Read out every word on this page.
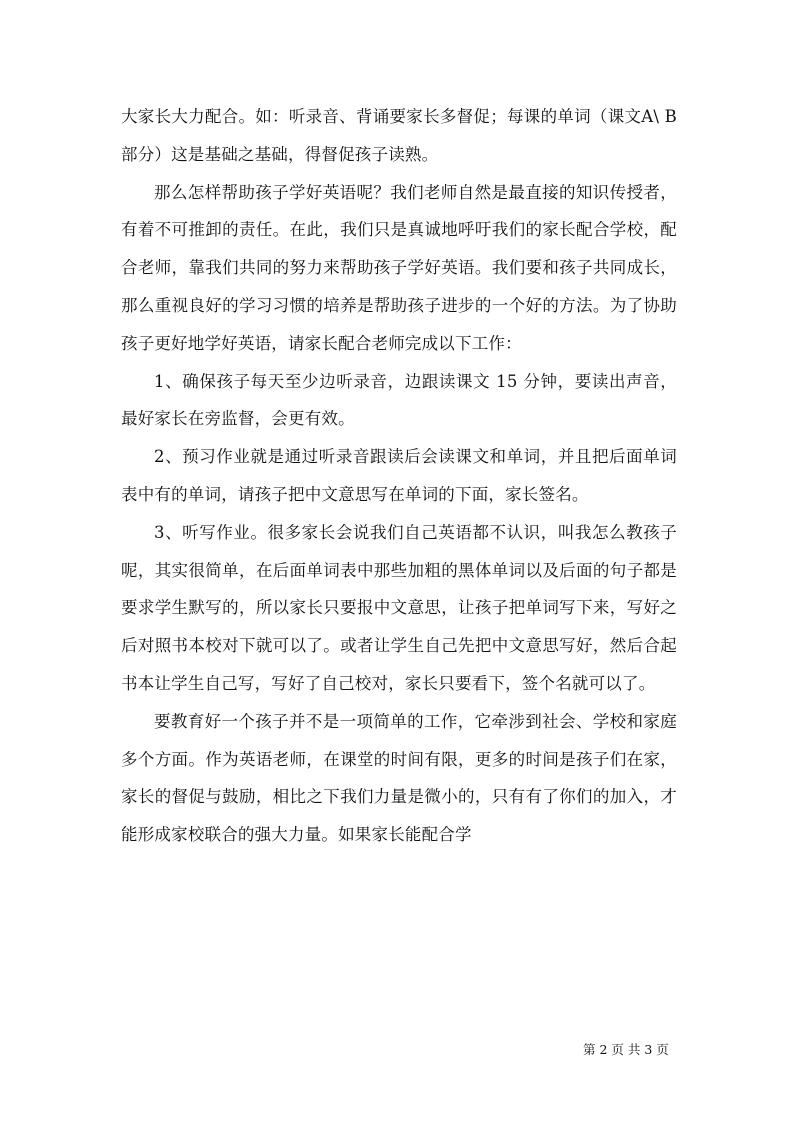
大家长大力配合。如：听录音、背诵要家长多督促；每课的单词（课文A\ B部分）这是基础之基础，得督促孩子读熟。

那么怎样帮助孩子学好英语呢？我们老师自然是最直接的知识传授者，有着不可推卸的责任。在此，我们只是真诚地呼吁我们的家长配合学校，配合老师，靠我们共同的努力来帮助孩子学好英语。我们要和孩子共同成长，那么重视良好的学习习惯的培养是帮助孩子进步的一个好的方法。为了协助孩子更好地学好英语，请家长配合老师完成以下工作：

1、确保孩子每天至少边听录音，边跟读课文 15 分钟，要读出声音，最好家长在旁监督，会更有效。

2、预习作业就是通过听录音跟读后会读课文和单词，并且把后面单词表中有的单词，请孩子把中文意思写在单词的下面，家长签名。

3、听写作业。很多家长会说我们自己英语都不认识，叫我怎么教孩子呢，其实很简单，在后面单词表中那些加粗的黑体单词以及后面的句子都是要求学生默写的，所以家长只要报中文意思，让孩子把单词写下来，写好之后对照书本校对下就可以了。或者让学生自己先把中文意思写好，然后合起书本让学生自己写，写好了自己校对，家长只要看下，签个名就可以了。

要教育好一个孩子并不是一项简单的工作，它牵涉到社会、学校和家庭多个方面。作为英语老师，在课堂的时间有限，更多的时间是孩子们在家，家长的督促与鼓励，相比之下我们力量是微小的，只有有了你们的加入，才能形成家校联合的强大力量。如果家长能配合学

第 2 页 共 3 页
